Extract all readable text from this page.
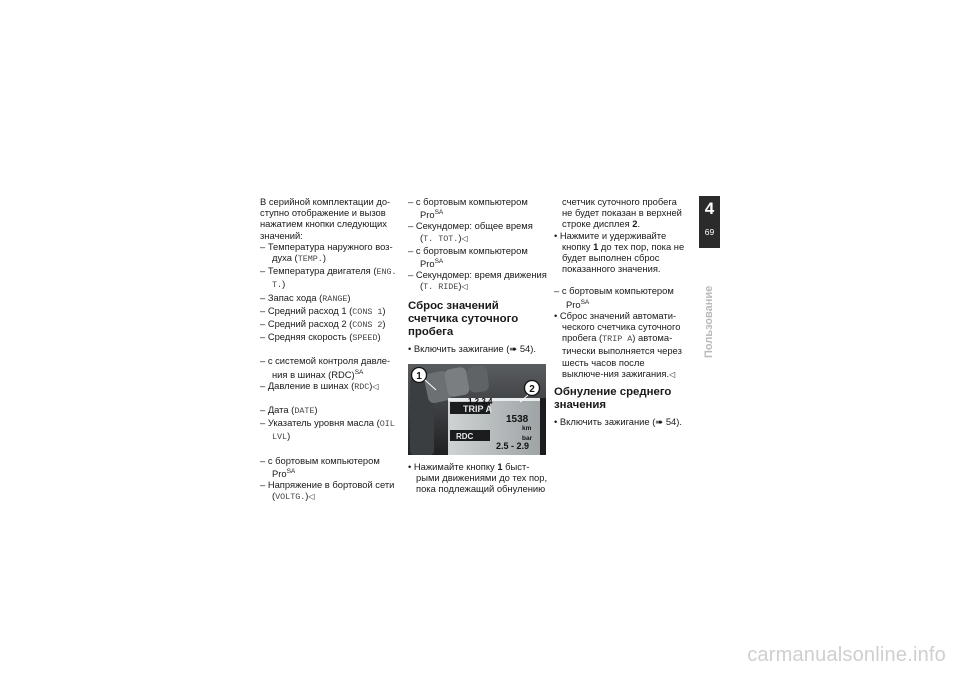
В серийной комплектации до-ступно отображение и вызов нажатием кнопки следующих значений:

– Температура наружного воз-духа (TEMP.)

– Температура двигателя (ENG. T.)

– Запас хода (RANGE)

– Средний расход 1 (CONS 1)

– Средний расход 2 (CONS 2)

– Средняя скорость (SPEED)

– с системой контроля давле-ния в шинах (RDC)$^{SA}$

– Давление в шинах (RDC)◁

– Дата (DATE)

– Указатель уровня масла (OIL LVL)

– с бортовым компьютером Pro$^{SA}$

– Напряжение в бортовой сети (VOLTG.)◁

– с бортовым компьютером Pro$^{SA}$

– Секундомер: общее время (T. TOT.)◁

– с бортовым компьютером Pro$^{SA}$

– Секундомер: время движения (T. RIDE)◁

Сброс значений счетчика суточного пробега

• Включить зажигание (➠ 54).

TRIP A
1 2 3 4
1538
km
RDC	bar
2.5 - 2.9
1
2

• Нажимайте кнопку 1 быст-рыми движениями до тех пор, пока подлежащий обнулению

счетчик суточного пробега не будет показан в верхней строке дисплея 2.

• Нажмите и удерживайте кнопку 1 до тех пор, пока не будет выполнен сброс показанного значения.

– с бортовым компьютером Pro$^{SA}$

• Сброс значений автомати-ческого счетчика суточного пробега (TRIP A) автома-тически выполняется через шесть часов после выключе-ния зажигания.◁

Обнуление среднего значения

• Включить зажигание (➠ 54).

4
69
Пользование
carmanualsonline.info
